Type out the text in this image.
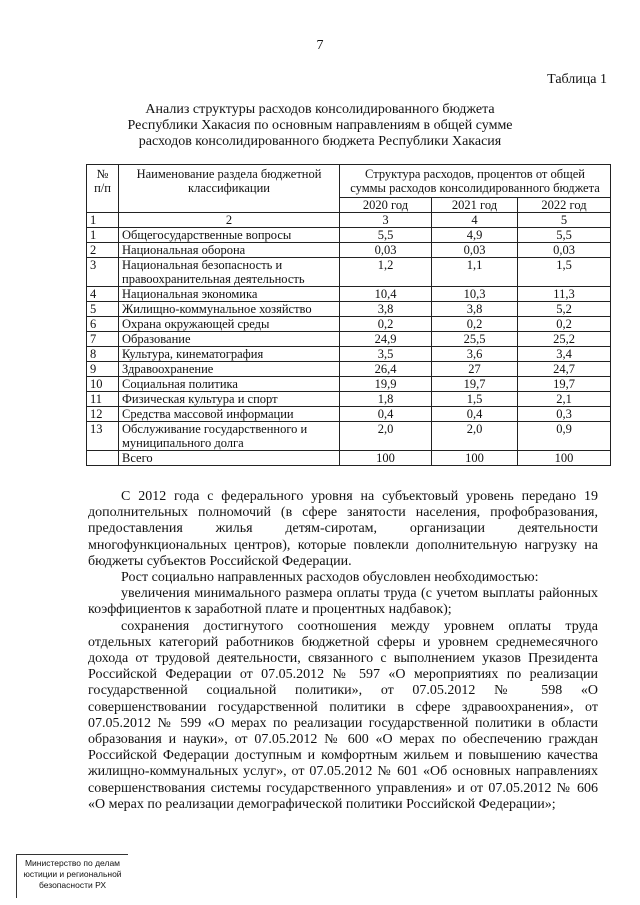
7
Таблица 1
Анализ структуры расходов консолидированного бюджета
Республики Хакасия по основным направлениям в общей сумме
расходов консолидированного бюджета Республики Хакасия
№ п/п	Наименование раздела бюджетной классификации	Структура расходов, процентов от общей суммы расходов консолидированного бюджета		
		2020 год	2021 год	2022 год
1	2	3	4	5
1	Общегосударственные вопросы	5,5	4,9	5,5
2	Национальная оборона	0,03	0,03	0,03
3	Национальная безопасность и правоохранительная деятельность	1,2	1,1	1,5
4	Национальная экономика	10,4	10,3	11,3
5	Жилищно-коммунальное хозяйство	3,8	3,8	5,2
6	Охрана окружающей среды	0,2	0,2	0,2
7	Образование	24,9	25,5	25,2
8	Культура, кинематография	3,5	3,6	3,4
9	Здравоохранение	26,4	27	24,7
10	Социальная политика	19,9	19,7	19,7
11	Физическая культура и спорт	1,8	1,5	2,1
12	Средства массовой информации	0,4	0,4	0,3
13	Обслуживание государственного и муниципального долга	2,0	2,0	0,9
	Всего	100	100	100

С 2012 года с федерального уровня на субъектовый уровень передано 19 дополнительных полномочий (в сфере занятости населения, профобразования, предоставления жилья детям-сиротам, организации деятельности многофункциональных центров), которые повлекли дополнительную нагрузку на бюджеты субъектов Российской Федерации.

Рост социально направленных расходов обусловлен необходимостью:

увеличения минимального размера оплаты труда (с учетом выплаты районных коэффициентов к заработной плате и процентных надбавок);

сохранения достигнутого соотношения между уровнем оплаты труда отдельных категорий работников бюджетной сферы и уровнем среднемесячного дохода от трудовой деятельности, связанного с выполнением указов Президента Российской Федерации от 07.05.2012 № 597 «О мероприятиях по реализации государственной социальной политики», от 07.05.2012 № 598 «О совершенствовании государственной политики в сфере здравоохранения», от 07.05.2012 № 599 «О мерах по реализации государственной политики в области образования и науки», от 07.05.2012 № 600 «О мерах по обеспечению граждан Российской Федерации доступным и комфортным жильем и повышению качества жилищно-коммунальных услуг», от 07.05.2012 № 601 «Об основных направлениях совершенствования системы государственного управления» и от 07.05.2012 № 606 «О мерах по реализации демографической политики Российской Федерации»;

Министерство по делам
юстиции и региональной
безопасности РХ
